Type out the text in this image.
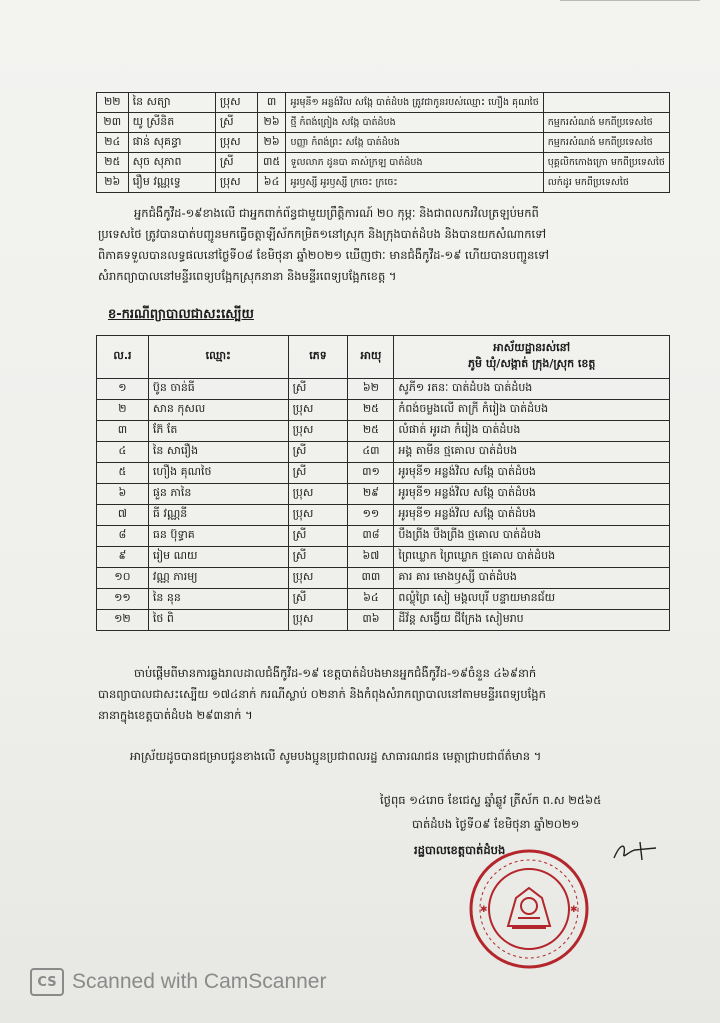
២២	នៃ សត្យា	ប្រុស	៣	អូរមុនី១ អន្លង់វិល សង្កែ បាត់ដំបង ត្រូវជាកូនរបស់ឈ្មោះ ហឿង គុណថៃ	
២៣	យូ ស្រីនិត	ស្រី	២៦	ថ្មី កំពង់ព្រៀង សង្កែ បាត់ដំបង	កម្មករសំណង់ មកពីប្រទេសថៃ
២៤	ផាន់ សុគន្ធា	ប្រុស	២៦	បញ្ញា កំពង់ព្រះ សង្កែ បាត់ដំបង	កម្មករសំណង់ មកពីប្រទេសថៃ
២៥	សុច សុភាព	ស្រី	៣៥	ទួលលាភ ដូនបា គាស់ក្រឡ បាត់ដំបង	បុគ្គលិកកោងក្រោ មកពីប្រទេសថៃ
២៦	រឿម វណ្ណទ្វេ	ប្រុស	៦៤	អូរឫស្សី អូរឫស្សី ក្រចេះ ក្រចេះ	លក់ដូរ មកពីប្រទេសថៃ
អ្នកជំងឺកូវីដ-១៩ខាងលើ ជាអ្នកពាក់ព័ន្ធជាមួយព្រឹត្តិការណ៍ ២០ កុម្ភៈ និងជាពលករវិលត្រឡប់មកពី
ប្រទេសថៃ ត្រូវបានបាត់បញ្ជូនមកធ្វើចត្តាឡីស័កកម្រិត១នៅស្រុក និងក្រុងបាត់ដំបង និងបានយកសំណាកទៅ
ពិភាគទទួលបានលទ្ធផលនៅថ្ងៃទី០៨ ខែមិថុនា ឆ្នាំ២០២១ ឃើញថាៈ មានជំងឺកូវីដ-១៩ ហើយបានបញ្ជូនទៅ
សំរាកព្យាបាលនៅមន្ទីរពេទ្យបង្អែកស្រុកនានា និងមន្ទីរពេទ្យបង្អែកខេត្ត ។
ខ-ករណីព្យាបាលជាសះស្បើយ
ល.រ	ឈ្មោះ	ភេទ	អាយុ	អាស័យដ្ឋានរស់នៅ
ភូមិ ឃុំ/សង្កាត់ ក្រុង/ស្រុក ខេត្ត

១	ប៊ូន ចាន់ធី	ស្រី	៦២	សូភី១ រតនៈ បាត់ដំបង បាត់ដំបង
២	សាន កុសល	ប្រុស	២៥	កំពង់ចម្លងលើ តាក្រី កំរៀង បាត់ដំបង
៣	ភ៊ែ តែ	ប្រុស	២៥	លំផាត់ អូរដា កំរៀង បាត់ដំបង
៤	នៃ សារឿង	ស្រី	៤៣	អង្គ តាមីន ថ្មគោល បាត់ដំបង
៥	ហឿង គុណថៃ	ស្រី	៣១	អូរមុនី១ អន្លង់វិល សង្កែ បាត់ដំបង
៦	ផួន ភានៃ	ប្រុស	២៩	អូរមុនី១ អន្លង់វិល សង្កែ បាត់ដំបង
៧	ធី វណ្ណនី	ប្រុស	១១	អូរមុនី១ អន្លង់វិល សង្កែ បាត់ដំបង
៨	ធន ប៊ុទ្ធាគ	ស្រី	៣៨	បឹងព្រីង បឹងព្រីង ថ្មគោល បាត់ដំបង
៩	រៀម ណយ	ស្រី	៦៧	ព្រៃឃ្លោក ព្រៃឃ្លោក ថ្មគោល បាត់ដំបង
១០	វណ្ណ ភារម្យ	ប្រុស	៣៣	គារ គារ មោងឫស្សី បាត់ដំបង
១១	នៃ នុន	ស្រី	៦៤	ពល្លុំព្រៃ សៀ មង្គលបុរី បន្ទាយមានជ័យ
១២	ថៃ ពិ	ប្រុស	៣៦	ដីវ័ន្ត សង្វើយ ជីក្រែង សៀមរាប
ចាប់ផ្តើមពីមានការឆ្លងរាលដាលជំងឺកូវីដ-១៩ ខេត្តបាត់ដំបងមានអ្នកជំងឺកូវីដ-១៩ចំនួន ៤៦៩នាក់
បានព្យាបាលជាសះស្បើយ ១៧៤នាក់ ករណីស្លាប់ ០២នាក់ និងកំពុងសំរាកព្យាបាលនៅតាមមន្ទីរពេទ្យបង្អែក
នានាក្នុងខេត្តបាត់ដំបង ២៩៣នាក់ ។
អាស្រ័យដូចបានជម្រាបជូនខាងលើ សូមបងប្អូនប្រជាពលរដ្ឋ សាធារណជន មេត្តាជ្រាបជាព័ត៌មាន ។
ថ្ងៃពុធ ១៤រោច ខែជេស្ឋ ឆ្នាំឆ្លូវ ត្រីស័ក ព.ស ២៥៦៥
បាត់ដំបង ថ្ងៃទី០៩ ខែមិថុនា ឆ្នាំ២០២១
រដ្ឋបាលខេត្តបាត់ដំបង
✱	✱
CS Scanned with CamScanner
